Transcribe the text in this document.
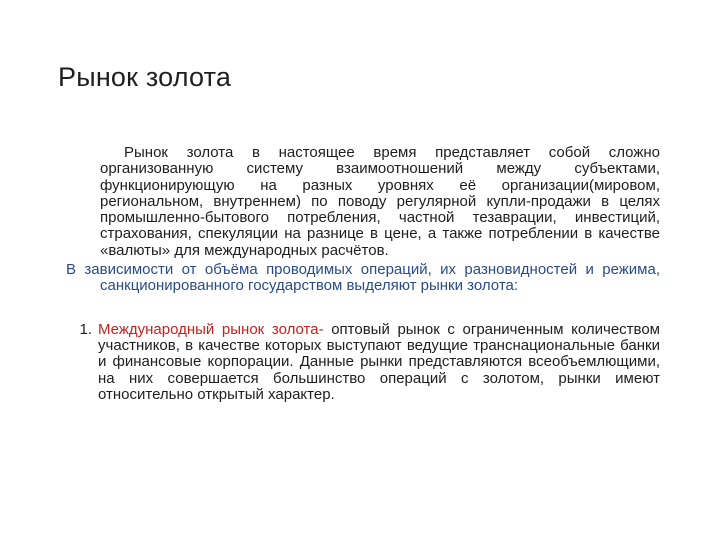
Рынок золота

Рынок золота в настоящее время представляет собой сложно организованную систему взаимоотношений между субъектами, функционирующую на разных уровнях её организации(мировом, региональном, внутреннем) по поводу регулярной купли-продажи в целях промышленно-бытового потребления, частной тезаврации, инвестиций, страхования, спекуляции на разнице в цене, а также потреблении в качестве «валюты» для международных расчётов.

В зависимости от объёма проводимых операций, их разновидностей и режима, санкционированного государством выделяют рынки золота:

1. Международный рынок золота- оптовый рынок с ограниченным количеством участников, в качестве которых выступают ведущие транснациональные банки и финансовые корпорации. Данные рынки представляются всеобъемлющими, на них совершается большинство операций с золотом, рынки имеют относительно открытый характер.
